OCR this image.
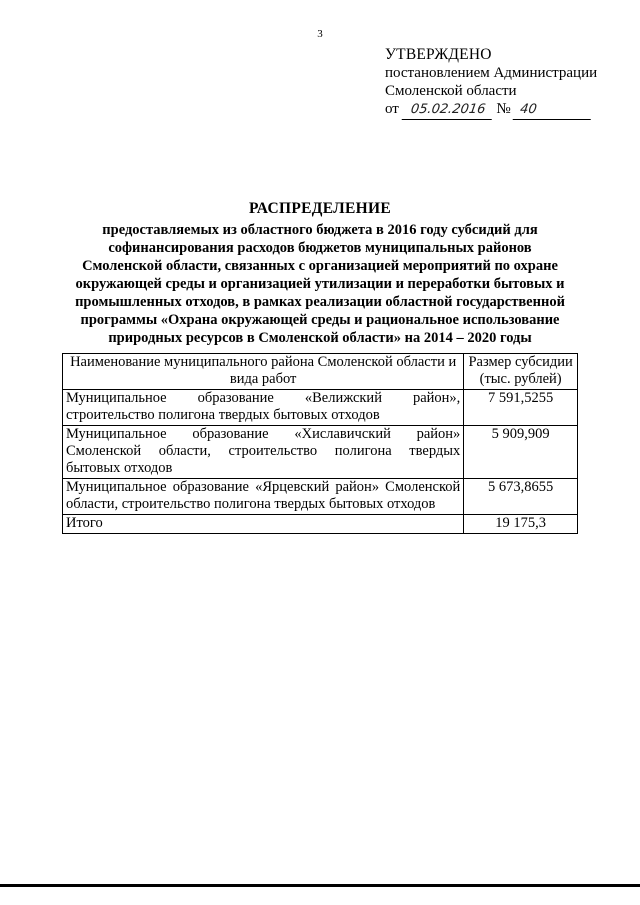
3
УТВЕРЖДЕНО
постановлением Администрации
Смоленской области
от 05.02.2016 № 40
РАСПРЕДЕЛЕНИЕ
предоставляемых из областного бюджета в 2016 году субсидий для софинансирования расходов бюджетов муниципальных районов Смоленской области, связанных с организацией мероприятий по охране окружающей среды и организацией утилизации и переработки бытовых и промышленных отходов, в рамках реализации областной государственной программы «Охрана окружающей среды и рациональное использование природных ресурсов в Смоленской области» на 2014 – 2020 годы
Наименование муниципального района Смоленской области и вида работ	Размер субсидии (тыс. рублей)
Муниципальное образование «Велижский район», строительство полигона твердых бытовых отходов	7 591,5255
Муниципальное образование «Хиславичский район» Смоленской области, строительство полигона твердых бытовых отходов	5 909,909
Муниципальное образование «Ярцевский район» Смоленской области, строительство полигона твердых бытовых отходов	5 673,8655
Итого	19 175,3
